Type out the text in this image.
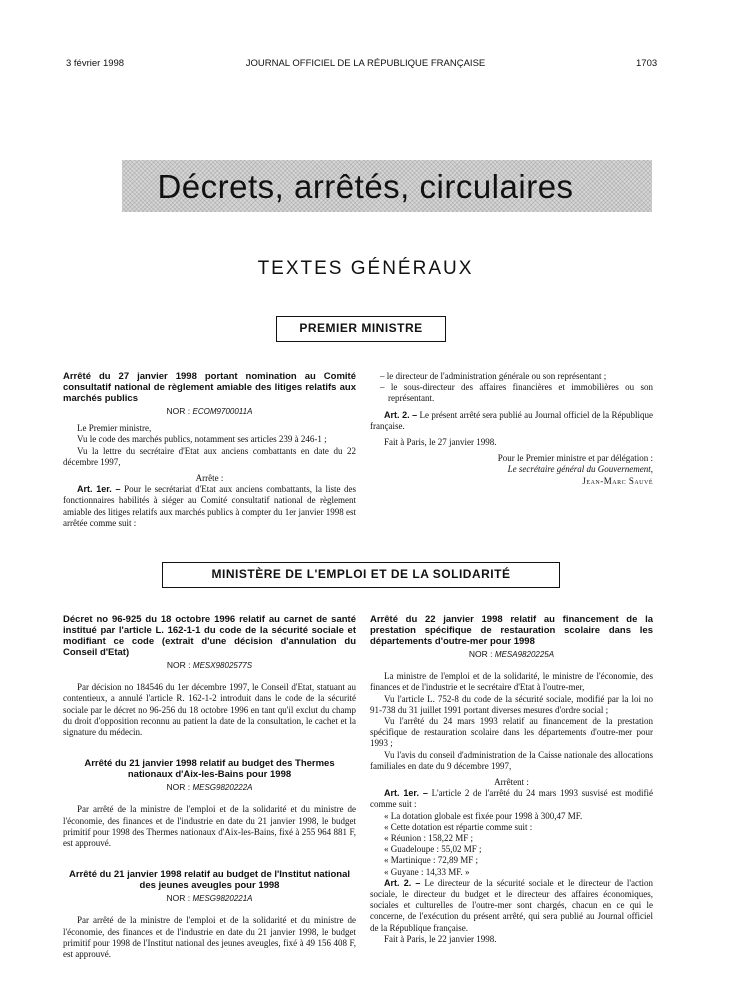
3 février 1998	JOURNAL OFFICIEL DE LA RÉPUBLIQUE FRANÇAISE	1703
Décrets, arrêtés, circulaires
TEXTES GÉNÉRAUX
PREMIER MINISTRE
Arrêté du 27 janvier 1998 portant nomination au Comité consultatif national de règlement amiable des litiges relatifs aux marchés publics
NOR : ECOM9700011A

Le Premier ministre,

Vu le code des marchés publics, notamment ses articles 239 à 246-1 ;

Vu la lettre du secrétaire d'Etat aux anciens combattants en date du 22 décembre 1997,

Arrête :

Art. 1er. – Pour le secrétariat d'Etat aux anciens combattants, la liste des fonctionnaires habilités à siéger au Comité consultatif national de règlement amiable des litiges relatifs aux marchés publics à compter du 1er janvier 1998 est arrêtée comme suit :

– le directeur de l'administration générale ou son représentant ;

– le sous-directeur des affaires financières et immobilières ou son représentant.

Art. 2. – Le présent arrêté sera publié au Journal officiel de la République française.

Fait à Paris, le 27 janvier 1998.

Pour le Premier ministre et par délégation :

Le secrétaire général du Gouvernement,

Jean-Marc Sauvé

MINISTÈRE DE L'EMPLOI ET DE LA SOLIDARITÉ
Décret no 96-925 du 18 octobre 1996 relatif au carnet de santé institué par l'article L. 162-1-1 du code de la sécurité sociale et modifiant ce code (extrait d'une décision d'annulation du Conseil d'Etat)
NOR : MESX9802577S

Par décision no 184546 du 1er décembre 1997, le Conseil d'Etat, statuant au contentieux, a annulé l'article R. 162-1-2 introduit dans le code de la sécurité sociale par le décret no 96-256 du 18 octobre 1996 en tant qu'il exclut du champ du droit d'opposition reconnu au patient la date de la consultation, le cachet et la signature du médecin.

Arrêté du 21 janvier 1998 relatif au budget des Thermes nationaux d'Aix-les-Bains pour 1998
NOR : MESG9820222A

Par arrêté de la ministre de l'emploi et de la solidarité et du ministre de l'économie, des finances et de l'industrie en date du 21 janvier 1998, le budget primitif pour 1998 des Thermes nationaux d'Aix-les-Bains, fixé à 255 964 881 F, est approuvé.

Arrêté du 21 janvier 1998 relatif au budget de l'Institut national des jeunes aveugles pour 1998
NOR : MESG9820221A

Par arrêté de la ministre de l'emploi et de la solidarité et du ministre de l'économie, des finances et de l'industrie en date du 21 janvier 1998, le budget primitif pour 1998 de l'Institut national des jeunes aveugles, fixé à 49 156 408 F, est approuvé.

Arrêté du 22 janvier 1998 relatif au financement de la prestation spécifique de restauration scolaire dans les départements d'outre-mer pour 1998
NOR : MESA9820225A

La ministre de l'emploi et de la solidarité, le ministre de l'économie, des finances et de l'industrie et le secrétaire d'Etat à l'outre-mer,

Vu l'article L. 752-8 du code de la sécurité sociale, modifié par la loi no 91-738 du 31 juillet 1991 portant diverses mesures d'ordre social ;

Vu l'arrêté du 24 mars 1993 relatif au financement de la prestation spécifique de restauration scolaire dans les départements d'outre-mer pour 1993 ;

Vu l'avis du conseil d'administration de la Caisse nationale des allocations familiales en date du 9 décembre 1997,

Arrêtent :

Art. 1er. – L'article 2 de l'arrêté du 24 mars 1993 susvisé est modifié comme suit :

« La dotation globale est fixée pour 1998 à 300,47 MF.

« Cette dotation est répartie comme suit :

« Réunion : 158,22 MF ;

« Guadeloupe : 55,02 MF ;

« Martinique : 72,89 MF ;

« Guyane : 14,33 MF. »

Art. 2. – Le directeur de la sécurité sociale et le directeur de l'action sociale, le directeur du budget et le directeur des affaires économiques, sociales et culturelles de l'outre-mer sont chargés, chacun en ce qui le concerne, de l'exécution du présent arrêté, qui sera publié au Journal officiel de la République française.

Fait à Paris, le 22 janvier 1998.
